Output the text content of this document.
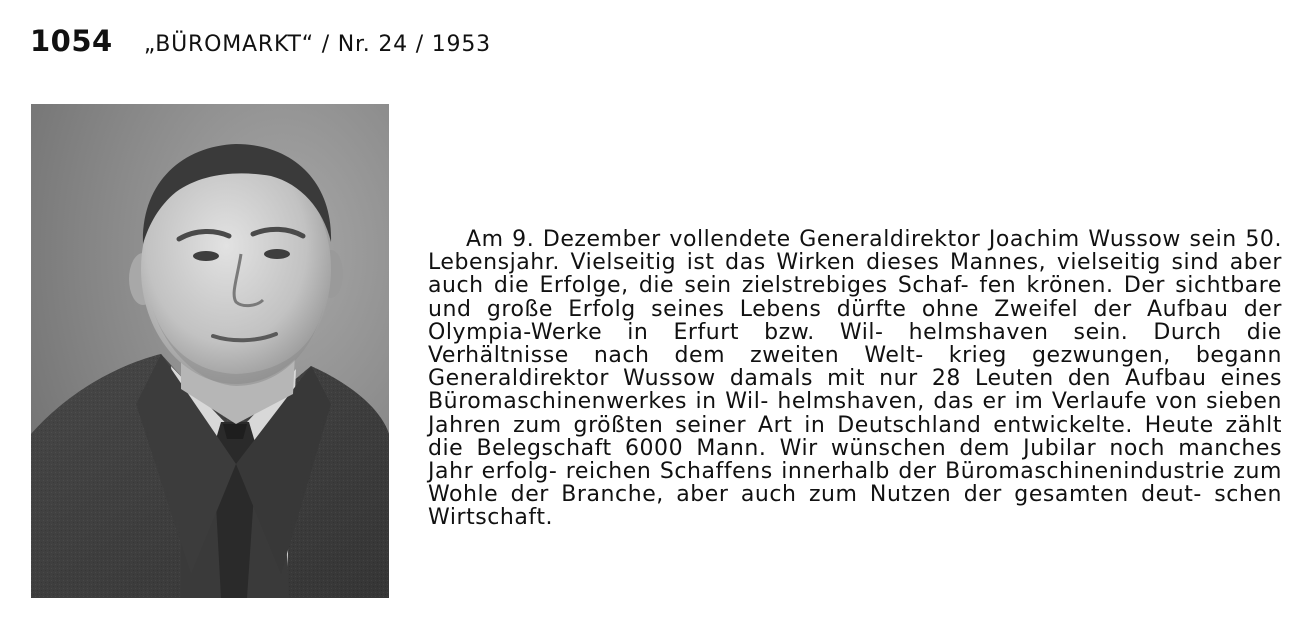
1054 „BÜROMARKT“ / Nr. 24 / 1953

Am 9. Dezember vollendete Generaldirektor Joachim Wussow sein 50. Lebensjahr. Vielseitig ist das Wirken dieses Mannes, vielseitig sind aber auch die Erfolge, die sein zielstrebiges Schaf- fen krönen. Der sichtbare und große Erfolg seines Lebens dürfte ohne Zweifel der Aufbau der Olympia-Werke in Erfurt bzw. Wil- helmshaven sein. Durch die Verhältnisse nach dem zweiten Welt- krieg gezwungen, begann Generaldirektor Wussow damals mit nur 28 Leuten den Aufbau eines Büromaschinenwerkes in Wil- helmshaven, das er im Verlaufe von sieben Jahren zum größten seiner Art in Deutschland entwickelte. Heute zählt die Belegschaft 6000 Mann. Wir wünschen dem Jubilar noch manches Jahr erfolg- reichen Schaffens innerhalb der Büromaschinenindustrie zum Wohle der Branche, aber auch zum Nutzen der gesamten deut- schen Wirtschaft.
